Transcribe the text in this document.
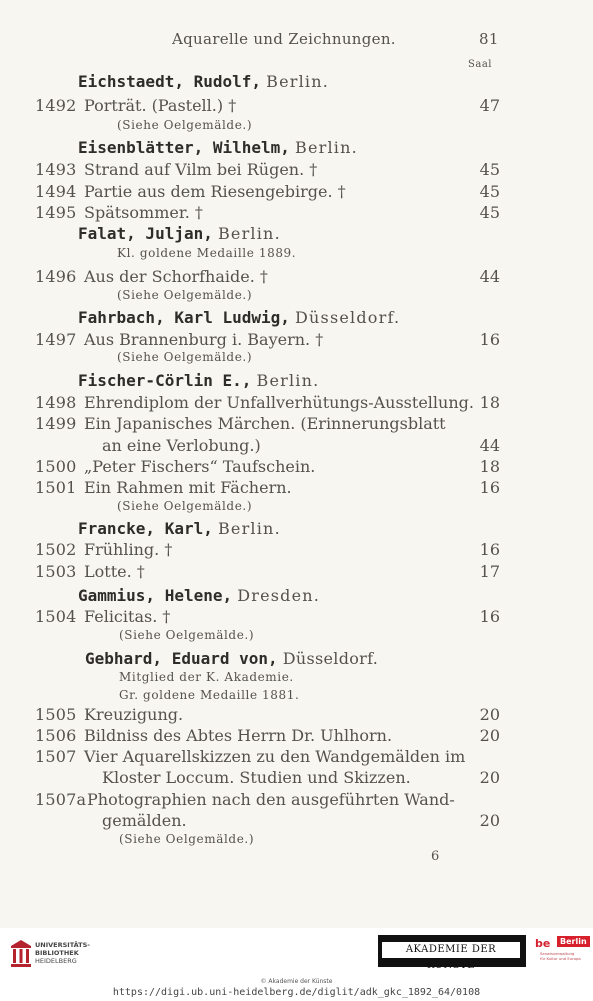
Aquarelle und Zeichnungen.	81
Saal
Eichstaedt, Rudolf, Berlin.
1492 Porträt. (Pastell.) †	47
(Siehe Oelgemälde.)
Eisenblätter, Wilhelm, Berlin.
1493 Strand auf Vilm bei Rügen. †	45
1494 Partie aus dem Riesengebirge. †	45
1495 Spätsommer. †	45
Falat, Juljan, Berlin.
Kl. goldene Medaille 1889.
1496 Aus der Schorfhaide. †	44
(Siehe Oelgemälde.)
Fahrbach, Karl Ludwig, Düsseldorf.
1497 Aus Brannenburg i. Bayern. †	16
(Siehe Oelgemälde.)
Fischer-Cörlin E., Berlin.
1498 Ehrendiplom der Unfallverhütungs-Ausstellung. 18
1499 Ein Japanisches Märchen. (Erinnerungsblatt
an eine Verlobung.)	44
1500 „Peter Fischers“ Taufschein.	18
1501 Ein Rahmen mit Fächern.	16
(Siehe Oelgemälde.)
Francke, Karl, Berlin.
1502 Frühling. †	16
1503 Lotte. †	17
Gammius, Helene, Dresden.
1504 Felicitas. †	16
(Siehe Oelgemälde.)
Gebhard, Eduard von, Düsseldorf.
Mitglied der K. Akademie.
Gr. goldene Medaille 1881.
1505 Kreuzigung.	20
1506 Bildniss des Abtes Herrn Dr. Uhlhorn.	20
1507 Vier Aquarellskizzen zu den Wandgemälden im
Kloster Loccum. Studien und Skizzen.	20
1507a Photographien nach den ausgeführten Wand-
gemälden.	20
(Siehe Oelgemälde.)
6
UNIVERSITÄTS-
BIBLIOTHEK
HEIDELBERG
AKADEMIE DER KÜNSTE
be	Berlin
Senatsverwaltung
für Kultur und Europa
© Akademie der Künste
https://digi.ub.uni-heidelberg.de/diglit/adk_gkc_1892_64/0108
